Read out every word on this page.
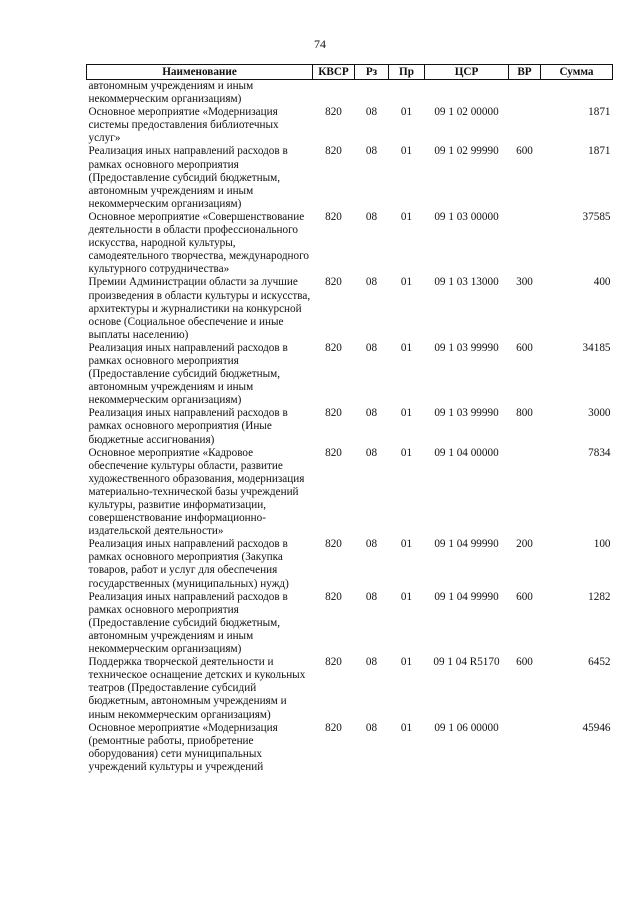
74
Наименование	КВСР	Рз	Пр	ЦСР	ВР	Сумма
автономным учреждениям и иным некоммерческим организациям)						
Основное мероприятие «Модернизация системы предоставления библиотечных услуг»	820	08	01	09 1 02 00000		1871
Реализация иных направлений расходов в рамках основного мероприятия (Предоставление субсидий бюджетным, автономным учреждениям и иным некоммерческим организациям)	820	08	01	09 1 02 99990	600	1871
Основное мероприятие «Совершенствование деятельности в области профессионального искусства, народной культуры, самодеятельного творчества, международного культурного сотрудничества»	820	08	01	09 1 03 00000		37585
Премии Администрации области за лучшие произведения в области культуры и искусства, архитектуры и журналистики на конкурсной основе (Социальное обеспечение и иные выплаты населению)	820	08	01	09 1 03 13000	300	400
Реализация иных направлений расходов в рамках основного мероприятия (Предоставление субсидий бюджетным, автономным учреждениям и иным некоммерческим организациям)	820	08	01	09 1 03 99990	600	34185
Реализация иных направлений расходов в рамках основного мероприятия (Иные бюджетные ассигнования)	820	08	01	09 1 03 99990	800	3000
Основное мероприятие «Кадровое обеспечение культуры области, развитие художественного образования, модернизация материально-технической базы учреждений культуры, развитие информатизации, совершенствование информационно-издательской деятельности»	820	08	01	09 1 04 00000		7834
Реализация иных направлений расходов в рамках основного мероприятия (Закупка товаров, работ и услуг для обеспечения государственных (муниципальных) нужд)	820	08	01	09 1 04 99990	200	100
Реализация иных направлений расходов в рамках основного мероприятия (Предоставление субсидий бюджетным, автономным учреждениям и иным некоммерческим организациям)	820	08	01	09 1 04 99990	600	1282
Поддержка творческой деятельности и техническое оснащение детских и кукольных театров (Предоставление субсидий бюджетным, автономным учреждениям и иным некоммерческим организациям)	820	08	01	09 1 04 R5170	600	6452
Основное мероприятие «Модернизация (ремонтные работы, приобретение оборудования) сети муниципальных учреждений культуры и учреждений	820	08	01	09 1 06 00000		45946
